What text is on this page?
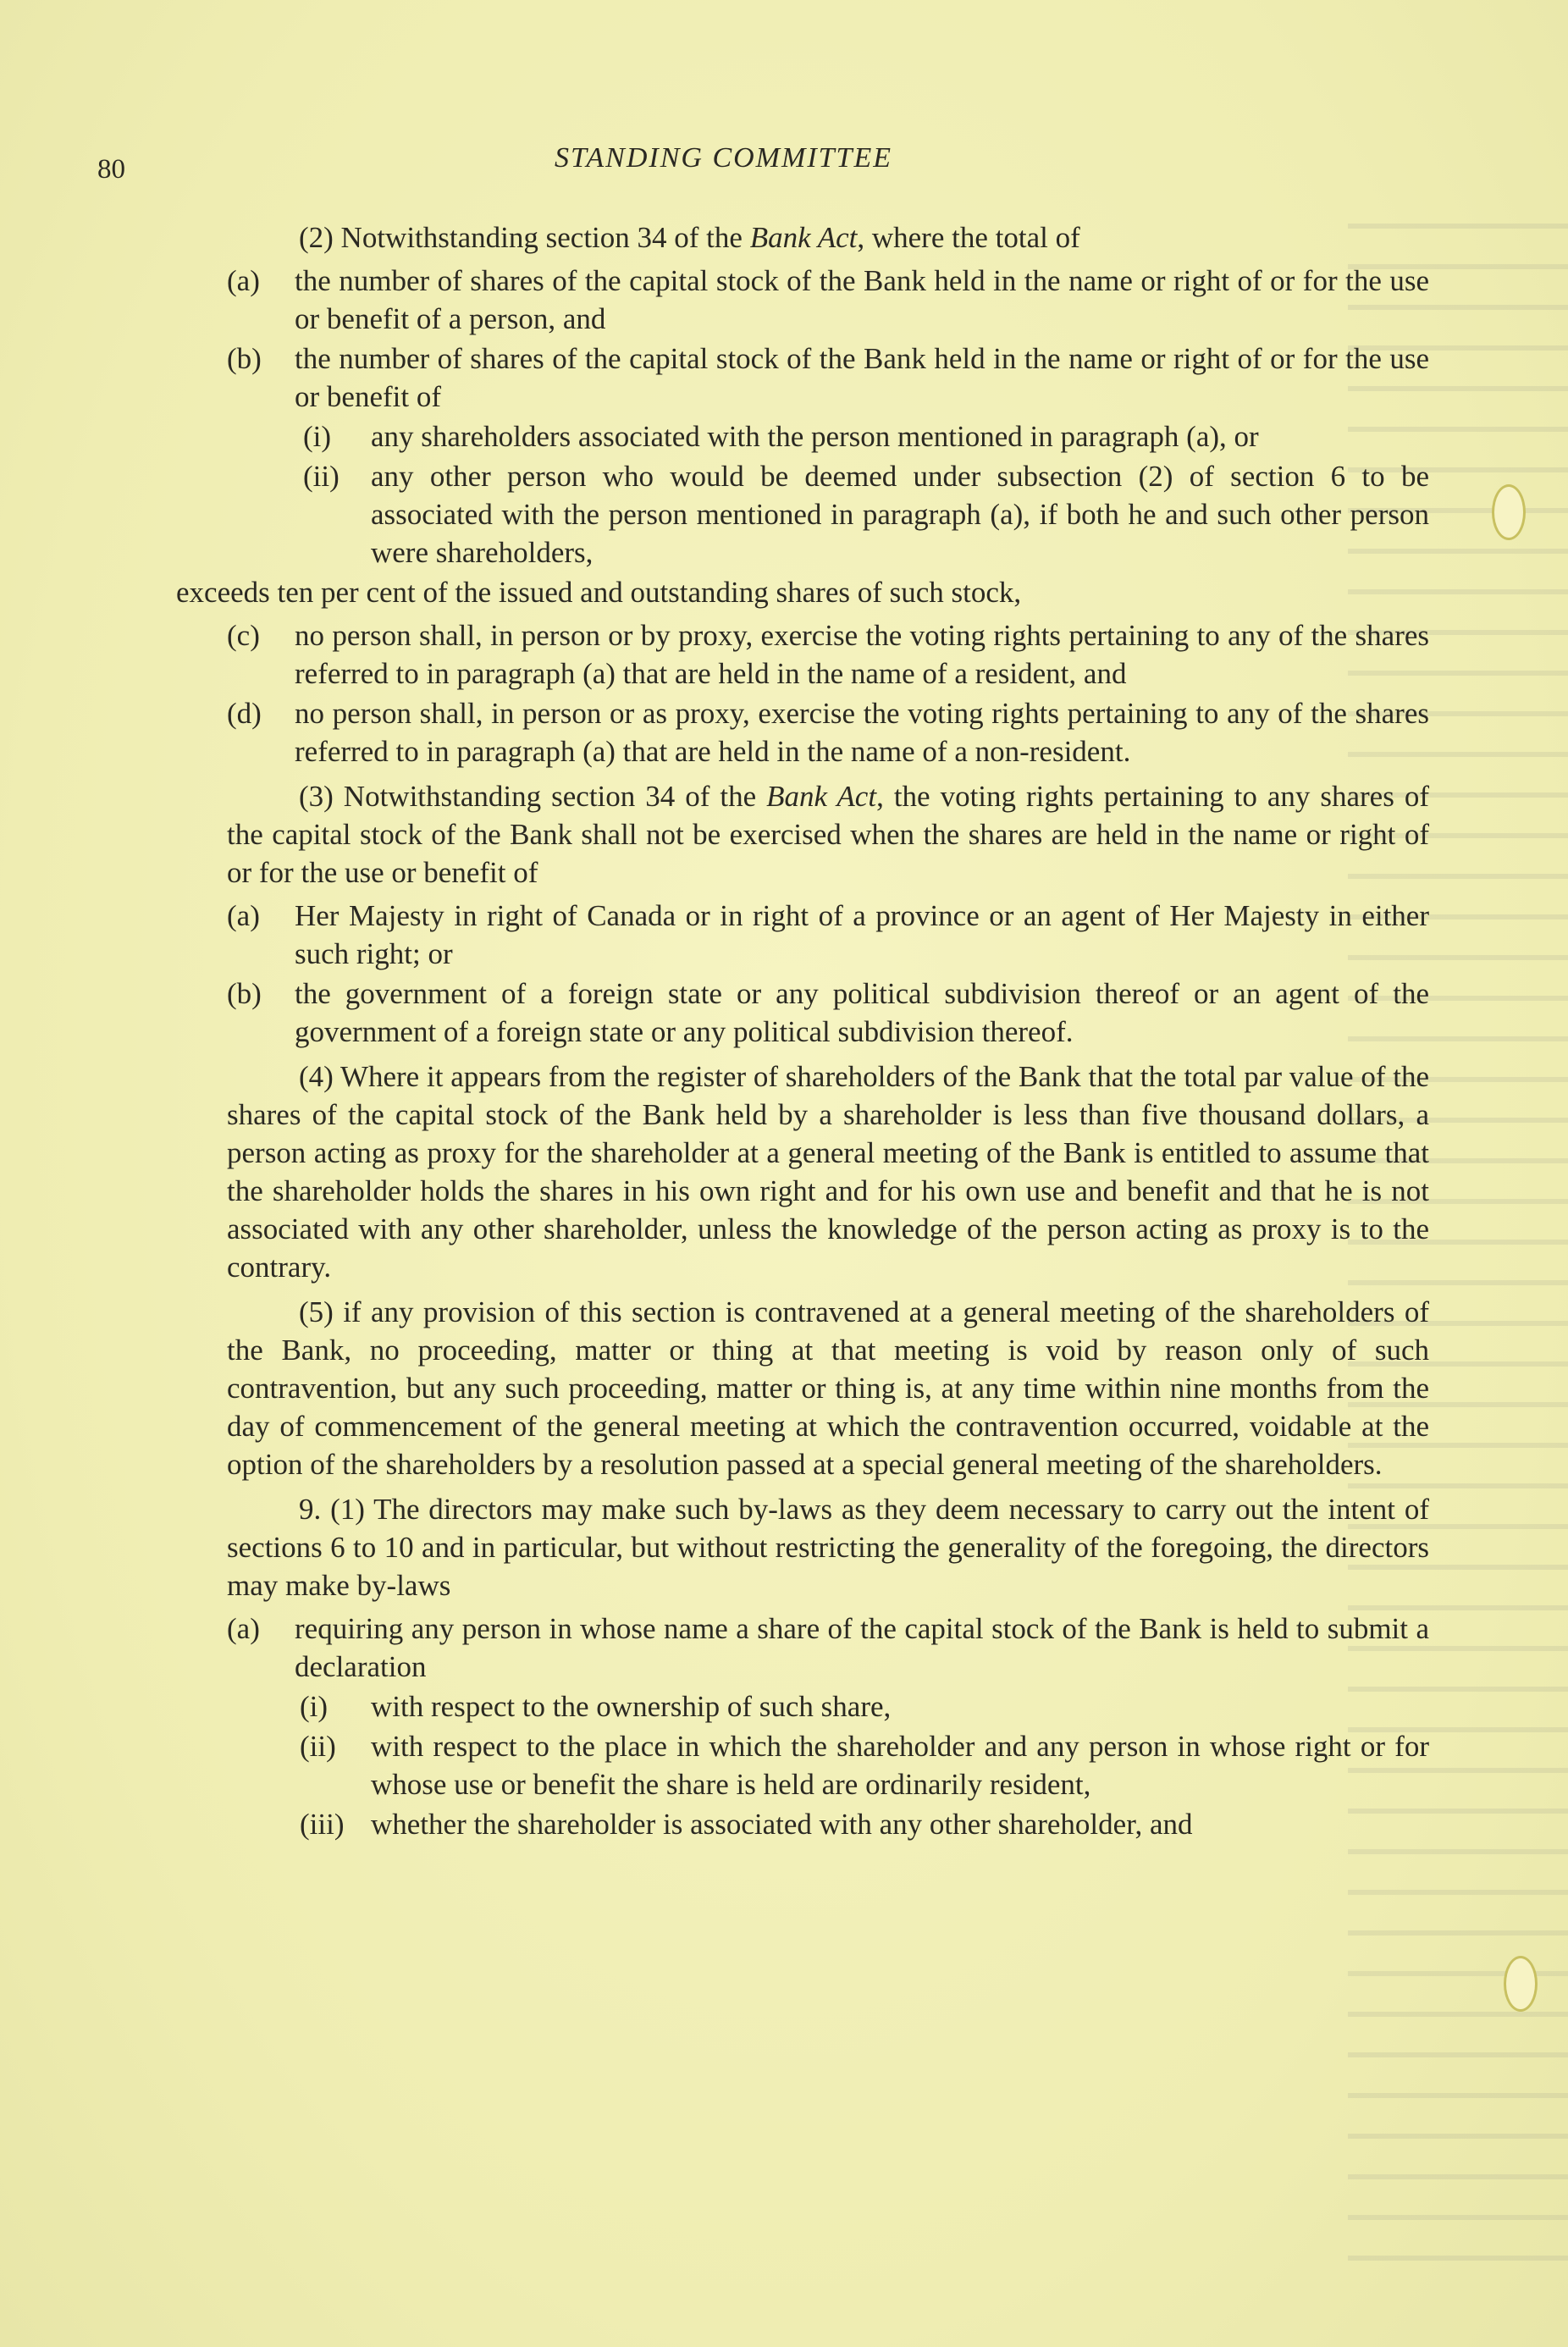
80	STANDING COMMITTEE

(2) Notwithstanding section 34 of the Bank Act, where the total of

(a)	the number of shares of the capital stock of the Bank held in the name or right of or for the use or benefit of a person, and
(b)	the number of shares of the capital stock of the Bank held in the name or right of or for the use or benefit of
(i)	any shareholders associated with the person mentioned in paragraph (a), or
(ii)	any other person who would be deemed under subsection (2) of section 6 to be associated with the person mentioned in paragraph (a), if both he and such other person were shareholders,

exceeds ten per cent of the issued and outstanding shares of such stock,

(c)	no person shall, in person or by proxy, exercise the voting rights pertaining to any of the shares referred to in paragraph (a) that are held in the name of a resident, and
(d)	no person shall, in person or as proxy, exercise the voting rights pertaining to any of the shares referred to in paragraph (a) that are held in the name of a non-resident.

(3) Notwithstanding section 34 of the Bank Act, the voting rights pertaining to any shares of the capital stock of the Bank shall not be exercised when the shares are held in the name or right of or for the use or benefit of

(a)	Her Majesty in right of Canada or in right of a province or an agent of Her Majesty in either such right; or
(b)	the government of a foreign state or any political subdivision thereof or an agent of the government of a foreign state or any political subdivision thereof.

(4) Where it appears from the register of shareholders of the Bank that the total par value of the shares of the capital stock of the Bank held by a shareholder is less than five thousand dollars, a person acting as proxy for the shareholder at a general meeting of the Bank is entitled to assume that the shareholder holds the shares in his own right and for his own use and benefit and that he is not associated with any other shareholder, unless the knowledge of the person acting as proxy is to the contrary.

(5) if any provision of this section is contravened at a general meeting of the shareholders of the Bank, no proceeding, matter or thing at that meeting is void by reason only of such contravention, but any such proceeding, matter or thing is, at any time within nine months from the day of commencement of the general meeting at which the contravention occurred, voidable at the option of the shareholders by a resolution passed at a special general meeting of the shareholders.

9. (1) The directors may make such by-laws as they deem necessary to carry out the intent of sections 6 to 10 and in particular, but without restricting the generality of the foregoing, the directors may make by-laws

(a)	requiring any person in whose name a share of the capital stock of the Bank is held to submit a declaration
(i)	with respect to the ownership of such share,
(ii)	with respect to the place in which the shareholder and any person in whose right or for whose use or benefit the share is held are ordinarily resident,
(iii) whether the shareholder is associated with any other shareholder, and
